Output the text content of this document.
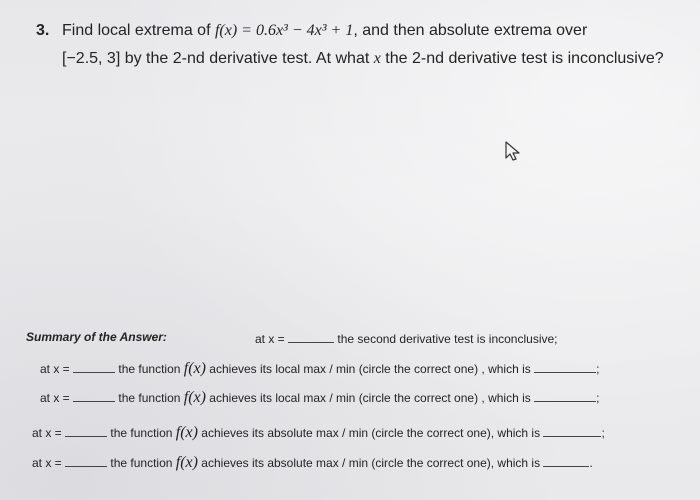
3. Find local extrema of f(x) = 0.6x³ − 4x³ + 1, and then absolute extrema over
[−2.5, 3] by the 2-nd derivative test. At what x the 2-nd derivative test is inconclusive?
Summary of the Answer:	at x =	the second derivative test is inconclusive;
at x =	the function f(x) achieves its local max / min (circle the correct one) , which is	;
at x =	the function f(x) achieves its local max / min (circle the correct one) , which is	;
at x =	the function f(x) achieves its absolute max / min (circle the correct one), which is	;
at x =	the function f(x) achieves its absolute max / min (circle the correct one), which is	.
